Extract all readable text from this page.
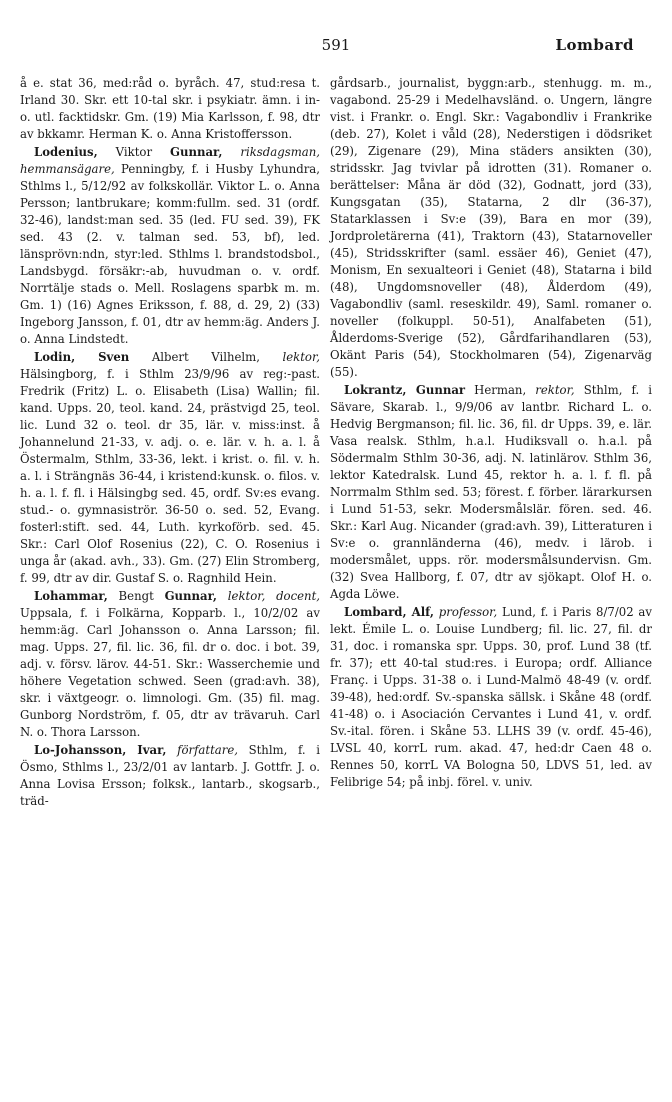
591	Lombard

å e. stat 36, med:råd o. byråch. 47, stud:resa t. Irland 30. Skr. ett 10-tal skr. i psykiatr. ämn. i in- o. utl. facktidskr. Gm. (19) Mia Karlsson, f. 98, dtr av bkkamr. Herman K. o. Anna Kristoffersson.

Lodenius, Viktor Gunnar, riksdagsman, hemmansägare, Penningby, f. i Husby Lyhundra, Sthlms l., 5/12/92 av folkskollär. Viktor L. o. Anna Persson; lantbrukare; komm:fullm. sed. 31 (ordf. 32-46), landst:man sed. 35 (led. FU sed. 39), FK sed. 43 (2. v. talman sed. 53, bf), led. länsprövn:ndn, styr:led. Sthlms l. brandstodsbol., Landsbygd. försäkr:-ab, huvudman o. v. ordf. Norrtälje stads o. Mell. Roslagens sparbk m. m. Gm. 1) (16) Agnes Eriksson, f. 88, d. 29, 2) (33) Ingeborg Jansson, f. 01, dtr av hemm:äg. Anders J. o. Anna Lindstedt.

Lodin, Sven Albert Vilhelm, lektor, Hälsingborg, f. i Sthlm 23/9/96 av reg:-past. Fredrik (Fritz) L. o. Elisabeth (Lisa) Wallin; fil. kand. Upps. 20, teol. kand. 24, prästvigd 25, teol. lic. Lund 32 o. teol. dr 35, lär. v. miss:inst. å Johannelund 21-33, v. adj. o. e. lär. v. h. a. l. å Östermalm, Sthlm, 33-36, lekt. i krist. o. fil. v. h. a. l. i Strängnäs 36-44, i kristend:kunsk. o. filos. v. h. a. l. f. fl. i Hälsingbg sed. 45, ordf. Sv:es evang. stud.- o. gymnasiströr. 36-50 o. sed. 52, Evang. fosterl:stift. sed. 44, Luth. kyrkoförb. sed. 45. Skr.: Carl Olof Rosenius (22), C. O. Rosenius i unga år (akad. avh., 33). Gm. (27) Elin Stromberg, f. 99, dtr av dir. Gustaf S. o. Ragnhild Hein.

Lohammar, Bengt Gunnar, lektor, docent, Uppsala, f. i Folkärna, Kopparb. l., 10/2/02 av hemm:äg. Carl Johansson o. Anna Larsson; fil. mag. Upps. 27, fil. lic. 36, fil. dr o. doc. i bot. 39, adj. v. försv. lärov. 44-51. Skr.: Wasserchemie und höhere Vegetation schwed. Seen (grad:avh. 38), skr. i växtgeogr. o. limnologi. Gm. (35) fil. mag. Gunborg Nordström, f. 05, dtr av trävaruh. Carl N. o. Thora Larsson.

Lo-Johansson, Ivar, författare, Sthlm, f. i Ösmo, Sthlms l., 23/2/01 av lantarb. J. Gottfr. J. o. Anna Lovisa Ersson; folksk., lantarb., skogsarb., träd-

gårdsarb., journalist, byggn:arb., stenhugg. m. m., vagabond. 25-29 i Medelhavsländ. o. Ungern, längre vist. i Frankr. o. Engl. Skr.: Vagabondliv i Frankrike (deb. 27), Kolet i våld (28), Nederstigen i dödsriket (29), Zigenare (29), Mina städers ansikten (30), stridsskr. Jag tvivlar på idrotten (31). Romaner o. berättelser: Måna är död (32), Godnatt, jord (33), Kungsgatan (35), Statarna, 2 dlr (36-37), Statarklassen i Sv:e (39), Bara en mor (39), Jordproletärerna (41), Traktorn (43), Statarnoveller (45), Stridsskrifter (saml. essäer 46), Geniet (47), Monism, En sexualteori i Geniet (48), Statarna i bild (48), Ungdomsnoveller (48), Ålderdom (49), Vagabondliv (saml. reseskildr. 49), Saml. romaner o. noveller (folkuppl. 50-51), Analfabeten (51), Ålderdoms-Sverige (52), Gårdfarihandlaren (53), Okänt Paris (54), Stockholmaren (54), Zigenarväg (55).

Lokrantz, Gunnar Herman, rektor, Sthlm, f. i Sävare, Skarab. l., 9/9/06 av lantbr. Richard L. o. Hedvig Bergmanson; fil. lic. 36, fil. dr Upps. 39, e. lär. Vasa realsk. Sthlm, h.a.l. Hudiksvall o. h.a.l. på Södermalm Sthlm 30-36, adj. N. latinlärov. Sthlm 36, lektor Katedralsk. Lund 45, rektor h. a. l. f. fl. på Norrmalm Sthlm sed. 53; förest. f. förber. lärarkursen i Lund 51-53, sekr. Modersmålslär. fören. sed. 46. Skr.: Karl Aug. Nicander (grad:avh. 39), Litteraturen i Sv:e o. grannländerna (46), medv. i lärob. i modersmålet, upps. rör. modersmålsundervisn. Gm. (32) Svea Hallborg, f. 07, dtr av sjökapt. Olof H. o. Agda Löwe.

Lombard, Alf, professor, Lund, f. i Paris 8/7/02 av lekt. Émile L. o. Louise Lundberg; fil. lic. 27, fil. dr 31, doc. i romanska spr. Upps. 30, prof. Lund 38 (tf. fr. 37); ett 40-tal stud:res. i Europa; ordf. Alliance Franç. i Upps. 31-38 o. i Lund-Malmö 48-49 (v. ordf. 39-48), hed:ordf. Sv.-spanska sällsk. i Skåne 48 (ordf. 41-48) o. i Asociación Cervantes i Lund 41, v. ordf. Sv.-ital. fören. i Skåne 53. LLHS 39 (v. ordf. 45-46), LVSL 40, korrL rum. akad. 47, hed:dr Caen 48 o. Rennes 50, korrL VA Bologna 50, LDVS 51, led. av Felibrige 54; på inbj. förel. v. univ.
